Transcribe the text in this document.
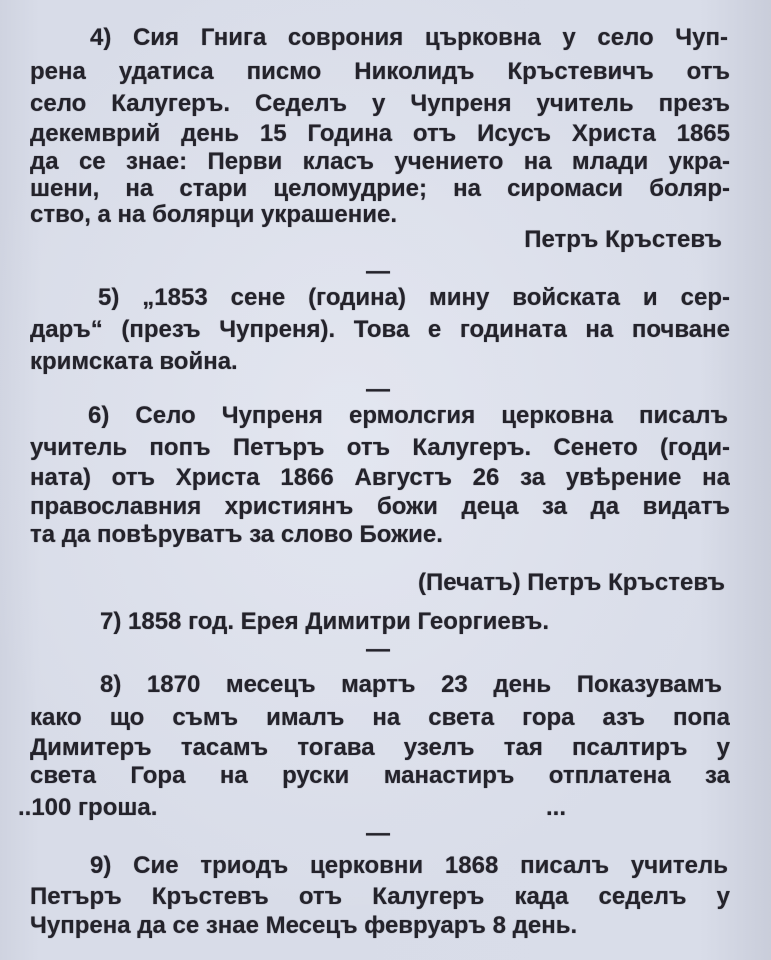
4) Сия Гнига соврония църковна у село Чуп-
рена удатиса писмо Николидъ Кръстевичъ отъ
село Калугеръ. Седелъ у Чупреня учитель презъ
декемврий день 15 Година отъ Исусъ Христа 1865
да се знае: Перви класъ учението на млади укра-
шени, на стари целомудрие; на сиромаси боляр-
ство, а на болярци украшение.
Петръ Кръстевъ
—
5) „1853 сене (година) мину войската и сер-
даръ“ (презъ Чупреня). Това е годината на почване
кримската война.
—
6) Село Чупреня ермолсгия церковна писалъ
учитель попъ Петъръ отъ Калугеръ. Сенето (годи-
ната) отъ Христа 1866 Августъ 26 за увѣрение на
православния християнъ божи деца за да видатъ
та да повѣруватъ за слово Божие.
(Печатъ) Петръ Кръстевъ
7) 1858 год. Ерея Димитри Георгиевъ.
—
8) 1870 месецъ мартъ 23 день Показувамъ
како що съмъ ималъ на света гора азъ попа
Димитеръ тасамъ тогава узелъ тая псалтиръ у
света Гора на руски манастиръ отплатена за
..100 гроша.	...
—
9) Сие триодъ церковни 1868 писалъ учитель
Петъръ Кръстевъ отъ Калугеръ када седелъ у
Чупрена да се знае Месецъ февруаръ 8 день.
